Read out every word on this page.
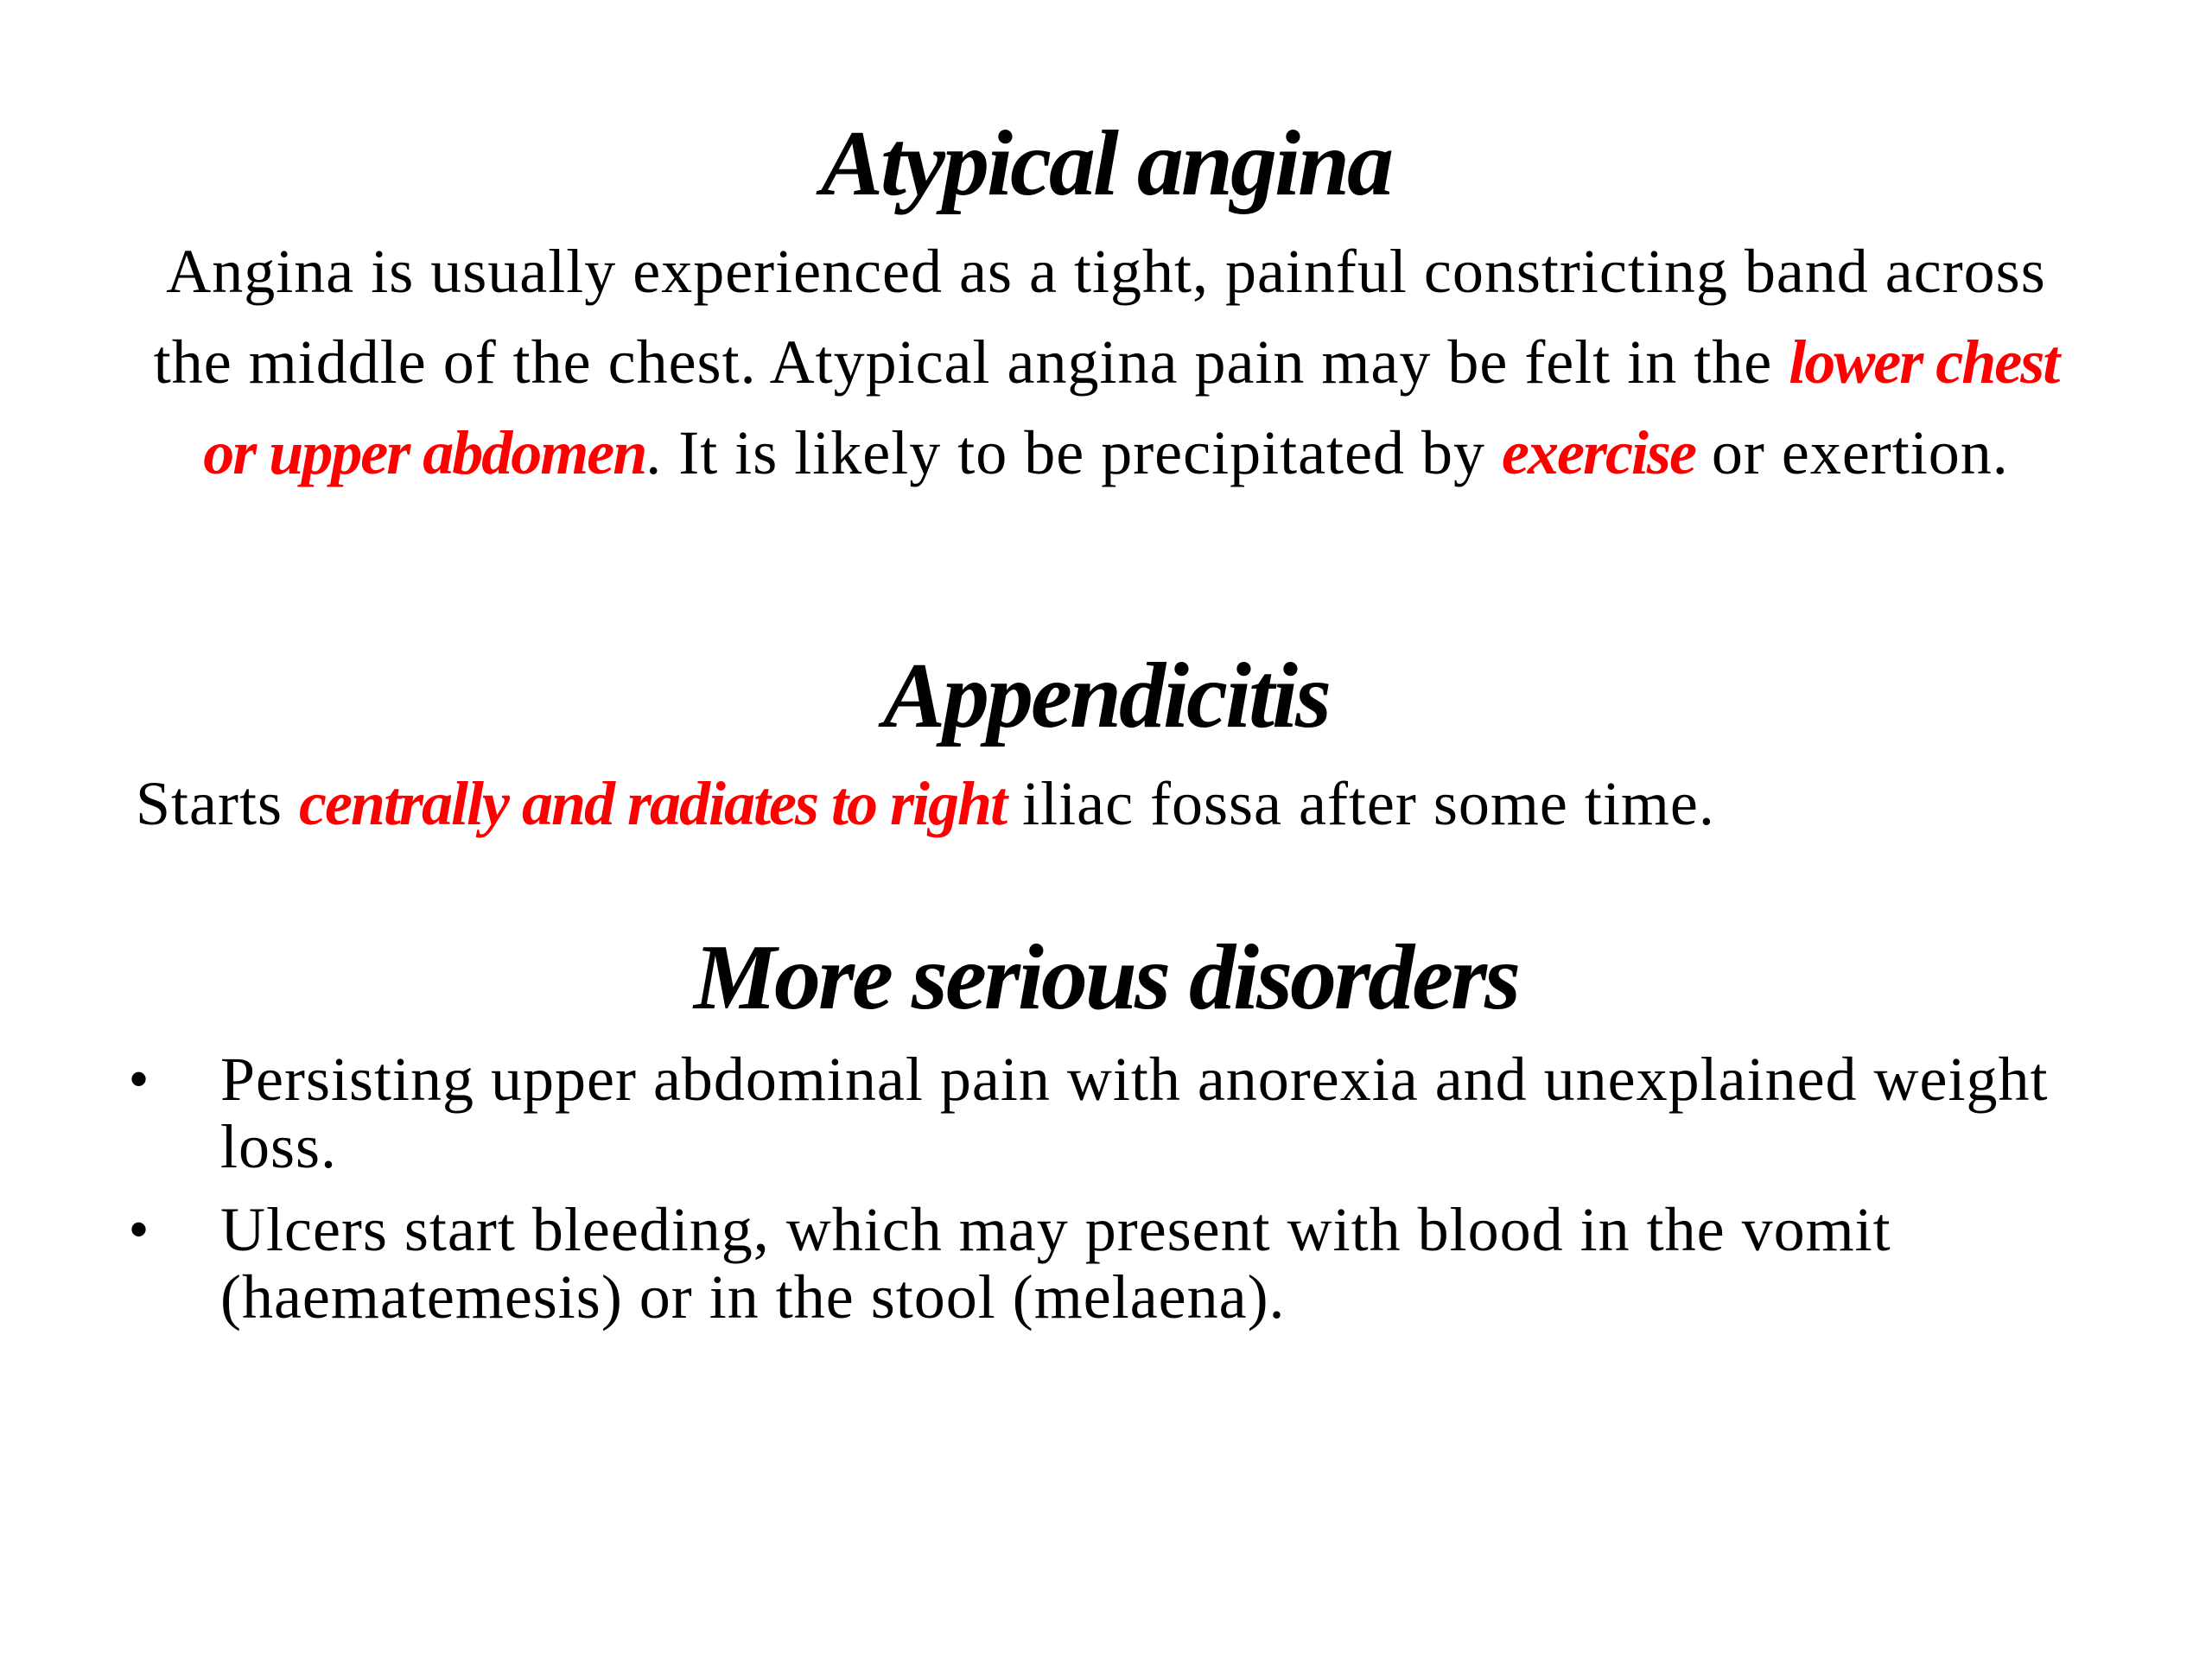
Atypical angina
Angina is usually experienced as a tight, painful constricting band across the middle of the chest. Atypical angina pain may be felt in the lower chest or upper abdomen. It is likely to be precipitated by exercise or exertion.
Appendicitis
Starts centrally and radiates to right iliac fossa after some time.
More serious disorders
• Persisting upper abdominal pain with anorexia and unexplained weight loss.
• Ulcers start bleeding, which may present with blood in the vomit (haematemesis) or in the stool (melaena).
